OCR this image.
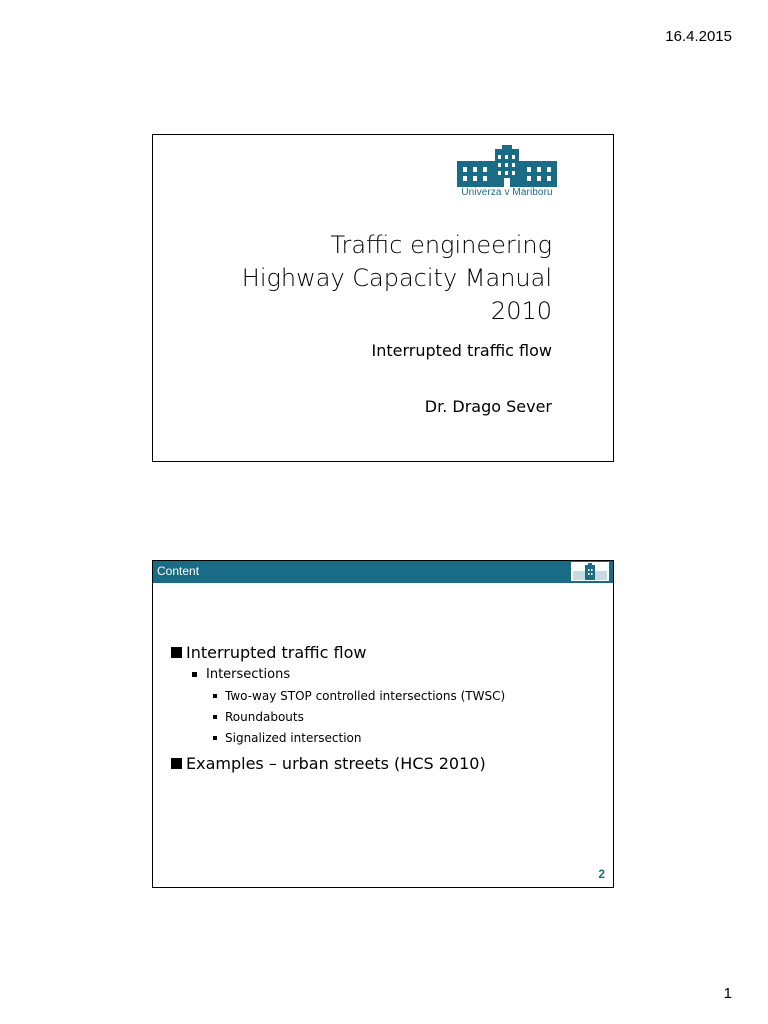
16.4.2015
Univerza v Mariboru
Traffic engineering
Highway Capacity Manual
2010
Interrupted traffic flow
Dr. Drago Sever
Content
Interrupted traffic flow
Intersections
Two-way STOP controlled intersections (TWSC)
Roundabouts
Signalized intersection
Examples – urban streets (HCS 2010)
2
1
